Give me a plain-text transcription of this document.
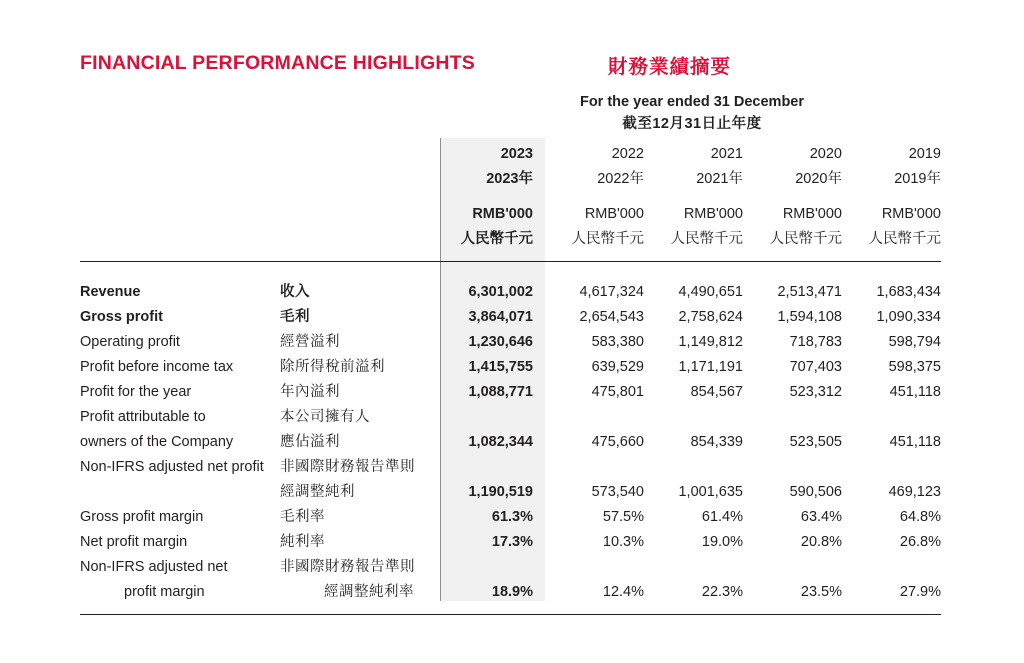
FINANCIAL PERFORMANCE HIGHLIGHTS	財務業績摘要
For the year ended 31 December
截至12月31日止年度
		2023	2022	2021	2020	2019
		2023年	2022年	2021年	2020年	2019年

		RMB'000	RMB'000	RMB'000	RMB'000	RMB'000
		人民幣千元	人民幣千元	人民幣千元	人民幣千元	人民幣千元

Revenue	收入	6,301,002	4,617,324	4,490,651	2,513,471	1,683,434
Gross profit	毛利	3,864,071	2,654,543	2,758,624	1,594,108	1,090,334
Operating profit	經營溢利	1,230,646	583,380	1,149,812	718,783	598,794
Profit before income tax	除所得稅前溢利	1,415,755	639,529	1,171,191	707,403	598,375
Profit for the year	年內溢利	1,088,771	475,801	854,567	523,312	451,118
Profit attributable to	本公司擁有人					
owners of the Company	應佔溢利	1,082,344	475,660	854,339	523,505	451,118
Non-IFRS adjusted net profit	非國際財務報告準則					
	經調整純利	1,190,519	573,540	1,001,635	590,506	469,123
Gross profit margin	毛利率	61.3%	57.5%	61.4%	63.4%	64.8%
Net profit margin	純利率	17.3%	10.3%	19.0%	20.8%	26.8%
Non-IFRS adjusted net	非國際財務報告準則					
profit margin	經調整純利率	18.9%	12.4%	22.3%	23.5%	27.9%
